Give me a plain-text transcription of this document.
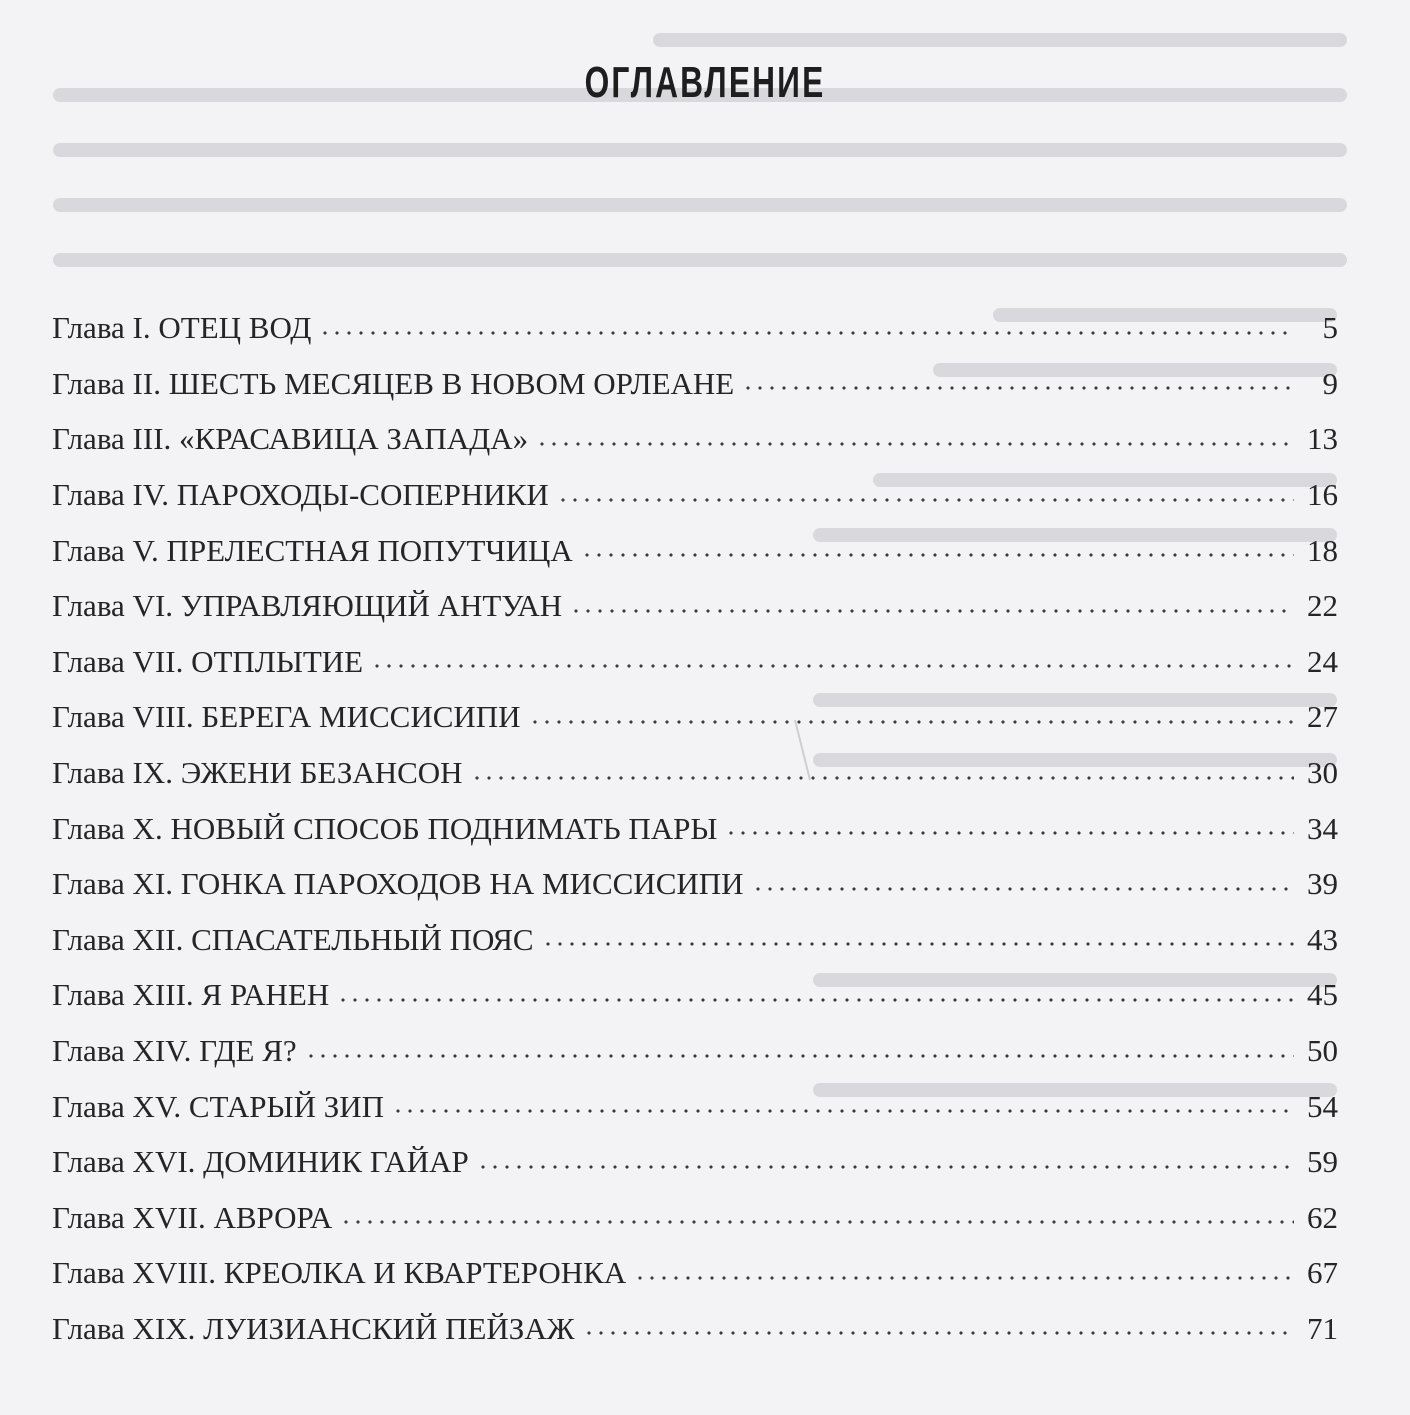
ОГЛАВЛЕНИЕ
Глава I. ОТЕЦ ВОД	5
Глава II. ШЕСТЬ МЕСЯЦЕВ В НОВОМ ОРЛЕАНЕ	9
Глава III. «КРАСАВИЦА ЗАПАДА»	13
Глава IV. ПАРОХОДЫ-СОПЕРНИКИ	16
Глава V. ПРЕЛЕСТНАЯ ПОПУТЧИЦА	18
Глава VI. УПРАВЛЯЮЩИЙ АНТУАН	22
Глава VII. ОТПЛЫТИЕ	24
Глава VIII. БЕРЕГА МИССИСИПИ	27
Глава IX. ЭЖЕНИ БЕЗАНСОН	30
Глава X. НОВЫЙ СПОСОБ ПОДНИМАТЬ ПАРЫ	34
Глава XI. ГОНКА ПАРОХОДОВ НА МИССИСИПИ	39
Глава XII. СПАСАТЕЛЬНЫЙ ПОЯС	43
Глава XIII. Я РАНЕН	45
Глава XIV. ГДЕ Я?	50
Глава XV. СТАРЫЙ ЗИП	54
Глава XVI. ДОМИНИК ГАЙАР	59
Глава XVII. АВРОРА	62
Глава XVIII. КРЕОЛКА И КВАРТЕРОНКА	67
Глава XIX. ЛУИЗИАНСКИЙ ПЕЙЗАЖ	71
